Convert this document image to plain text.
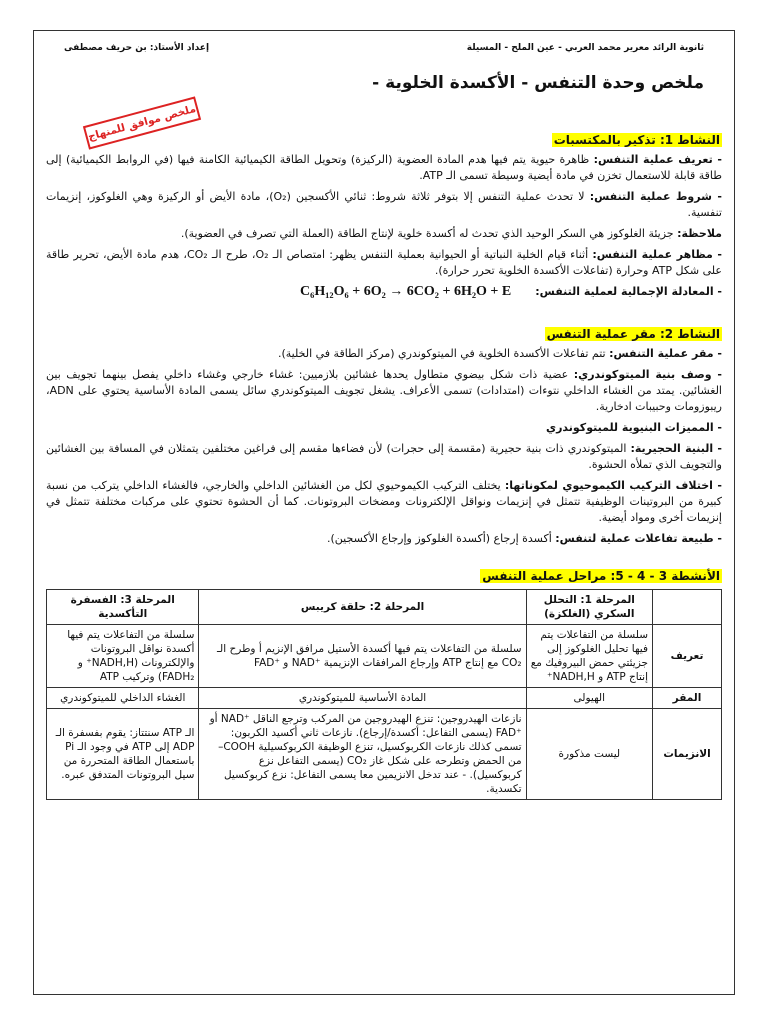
ثانوية الرائد معرير محمد العربي - عين الملح - المسيلة
إعداد الأستاذ: بن حريف مصطفى
ملخص وحدة التنفس - الأكسدة الخلوية -
ملخص موافق للمنهاج	النشاط 1: تذكير بالمكتسبات

- تعريف عملية التنفس: ظاهرة حيوية يتم فيها هدم المادة العضوية (الركيزة) وتحويل الطاقة الكيميائية الكامنة فيها (في الروابط الكيميائية) إلى طاقة قابلة للاستعمال تخزن في مادة أيضية وسيطة تسمى الـ ATP.

- شروط عملية التنفس: لا تحدث عملية التنفس إلا بتوفر ثلاثة شروط: ثنائي الأكسجين (O₂)، مادة الأيض أو الركيزة وهي الغلوكوز، إنزيمات تنفسية.

ملاحظة: جزيئة الغلوكوز هي السكر الوحيد الذي تحدث له أكسدة خلوية لإنتاج الطاقة (العملة التي تصرف في العضوية).

- مظاهر عملية التنفس: أثناء قيام الخلية النباتية أو الحيوانية بعملية التنفس يظهر: امتصاص الـ O₂، طرح الـ CO₂، هدم مادة الأيض، تحرير طاقة على شكل ATP وحرارة (تفاعلات الأكسدة الخلوية تحرر حرارة).

- المعادلة الإجمالية لعملية التنفس:
C₆H₁₂O₆ + 6O₂ → 6CO₂ + 6H₂O + E
النشاط 2: مقر عملية التنفس

- مقر عملية التنفس: تتم تفاعلات الأكسدة الخلوية في الميتوكوندري (مركز الطاقة في الخلية).

- وصف بنية الميتوكوندري: عضية ذات شكل بيضوي متطاول يحدها غشائين بلازميين: غشاء خارجي وغشاء داخلي يفصل بينهما تجويف بين الغشائين. يمتد من الغشاء الداخلي نتوءات (امتدادات) تسمى الأعراف. يشغل تجويف الميتوكوندري سائل يسمى المادة الأساسية يحتوي على ADN، ريبوزومات وحبيبات ادخارية.

- المميزات البنيوية للميتوكوندري

- البنية الحجيرية: الميتوكوندري ذات بنية حجيرية (مقسمة إلى حجرات) لأن فضاءها مقسم إلى فراغين مختلفين يتمثلان في المسافة بين الغشائين والتجويف الذي تملأه الحشوة.

- اختلاف التركيب الكيموحيوي لمكوناتها: يختلف التركيب الكيموحيوي لكل من الغشائين الداخلي والخارجي، فالغشاء الداخلي يتركب من نسبة كبيرة من البروتينات الوظيفية تتمثل في إنزيمات ونواقل الإلكترونات ومضخات البروتونات. كما أن الحشوة تحتوي على مركبات مختلفة تتمثل في إنزيمات أخرى ومواد أيضية.

- طبيعة تفاعلات عملية لتنفس: أكسدة إرجاع (أكسدة الغلوكوز وإرجاع الأكسجين).

الأنشطة 3 - 4 - 5: مراحل عملية التنفس
	المرحلة 1: التحلل السكري (الغلكزة)	المرحلة 2: حلقة كريبس	المرحلة 3: الفسفرة التأكسدية
تعريف	سلسلة من التفاعلات يتم فيها تحليل الغلوكوز إلى جزيئتي حمض البيروفيك مع إنتاج ATP و NADH,H⁺	سلسلة من التفاعلات يتم فيها أكسدة الأستيل مرافق الإنزيم أ وطرح الـ CO₂ مع إنتاج ATP وإرجاع المرافقات الإنزيمية ⁺NAD و ⁺FAD	سلسلة من التفاعلات يتم فيها أكسدة نواقل البروتونات والإلكترونات (NADH,H⁺ و FADH₂) وتركيب ATP
المقر	الهيولى	المادة الأساسية للميتوكوندري	الغشاء الداخلي للميتوكوندري
الانزيمات	ليست مذكورة	نازعات الهيدروجين: تنزع الهيدروجين من المركب وترجع الناقل ⁺NAD أو ⁺FAD (يسمى التفاعل: أكسدة/إرجاع). نازعات ثاني أكسيد الكربون: تسمى كذلك نازعات الكربوكسيل، تنزع الوظيفة الكربوكسيلية COOH– من الحمض وتطرحه على شكل غاز CO₂ (يسمى التفاعل نزع كربوكسيل). - عند تدخل الانزيمين معا يسمى التفاعل: نزع كربوكسيل تكسدية.	الـ ATP سنتتاز: يقوم بفسفرة الـ ADP إلى ATP في وجود الـ Pi باستعمال الطاقة المتحررة من سيل البروتونات المتدفق عبره.
